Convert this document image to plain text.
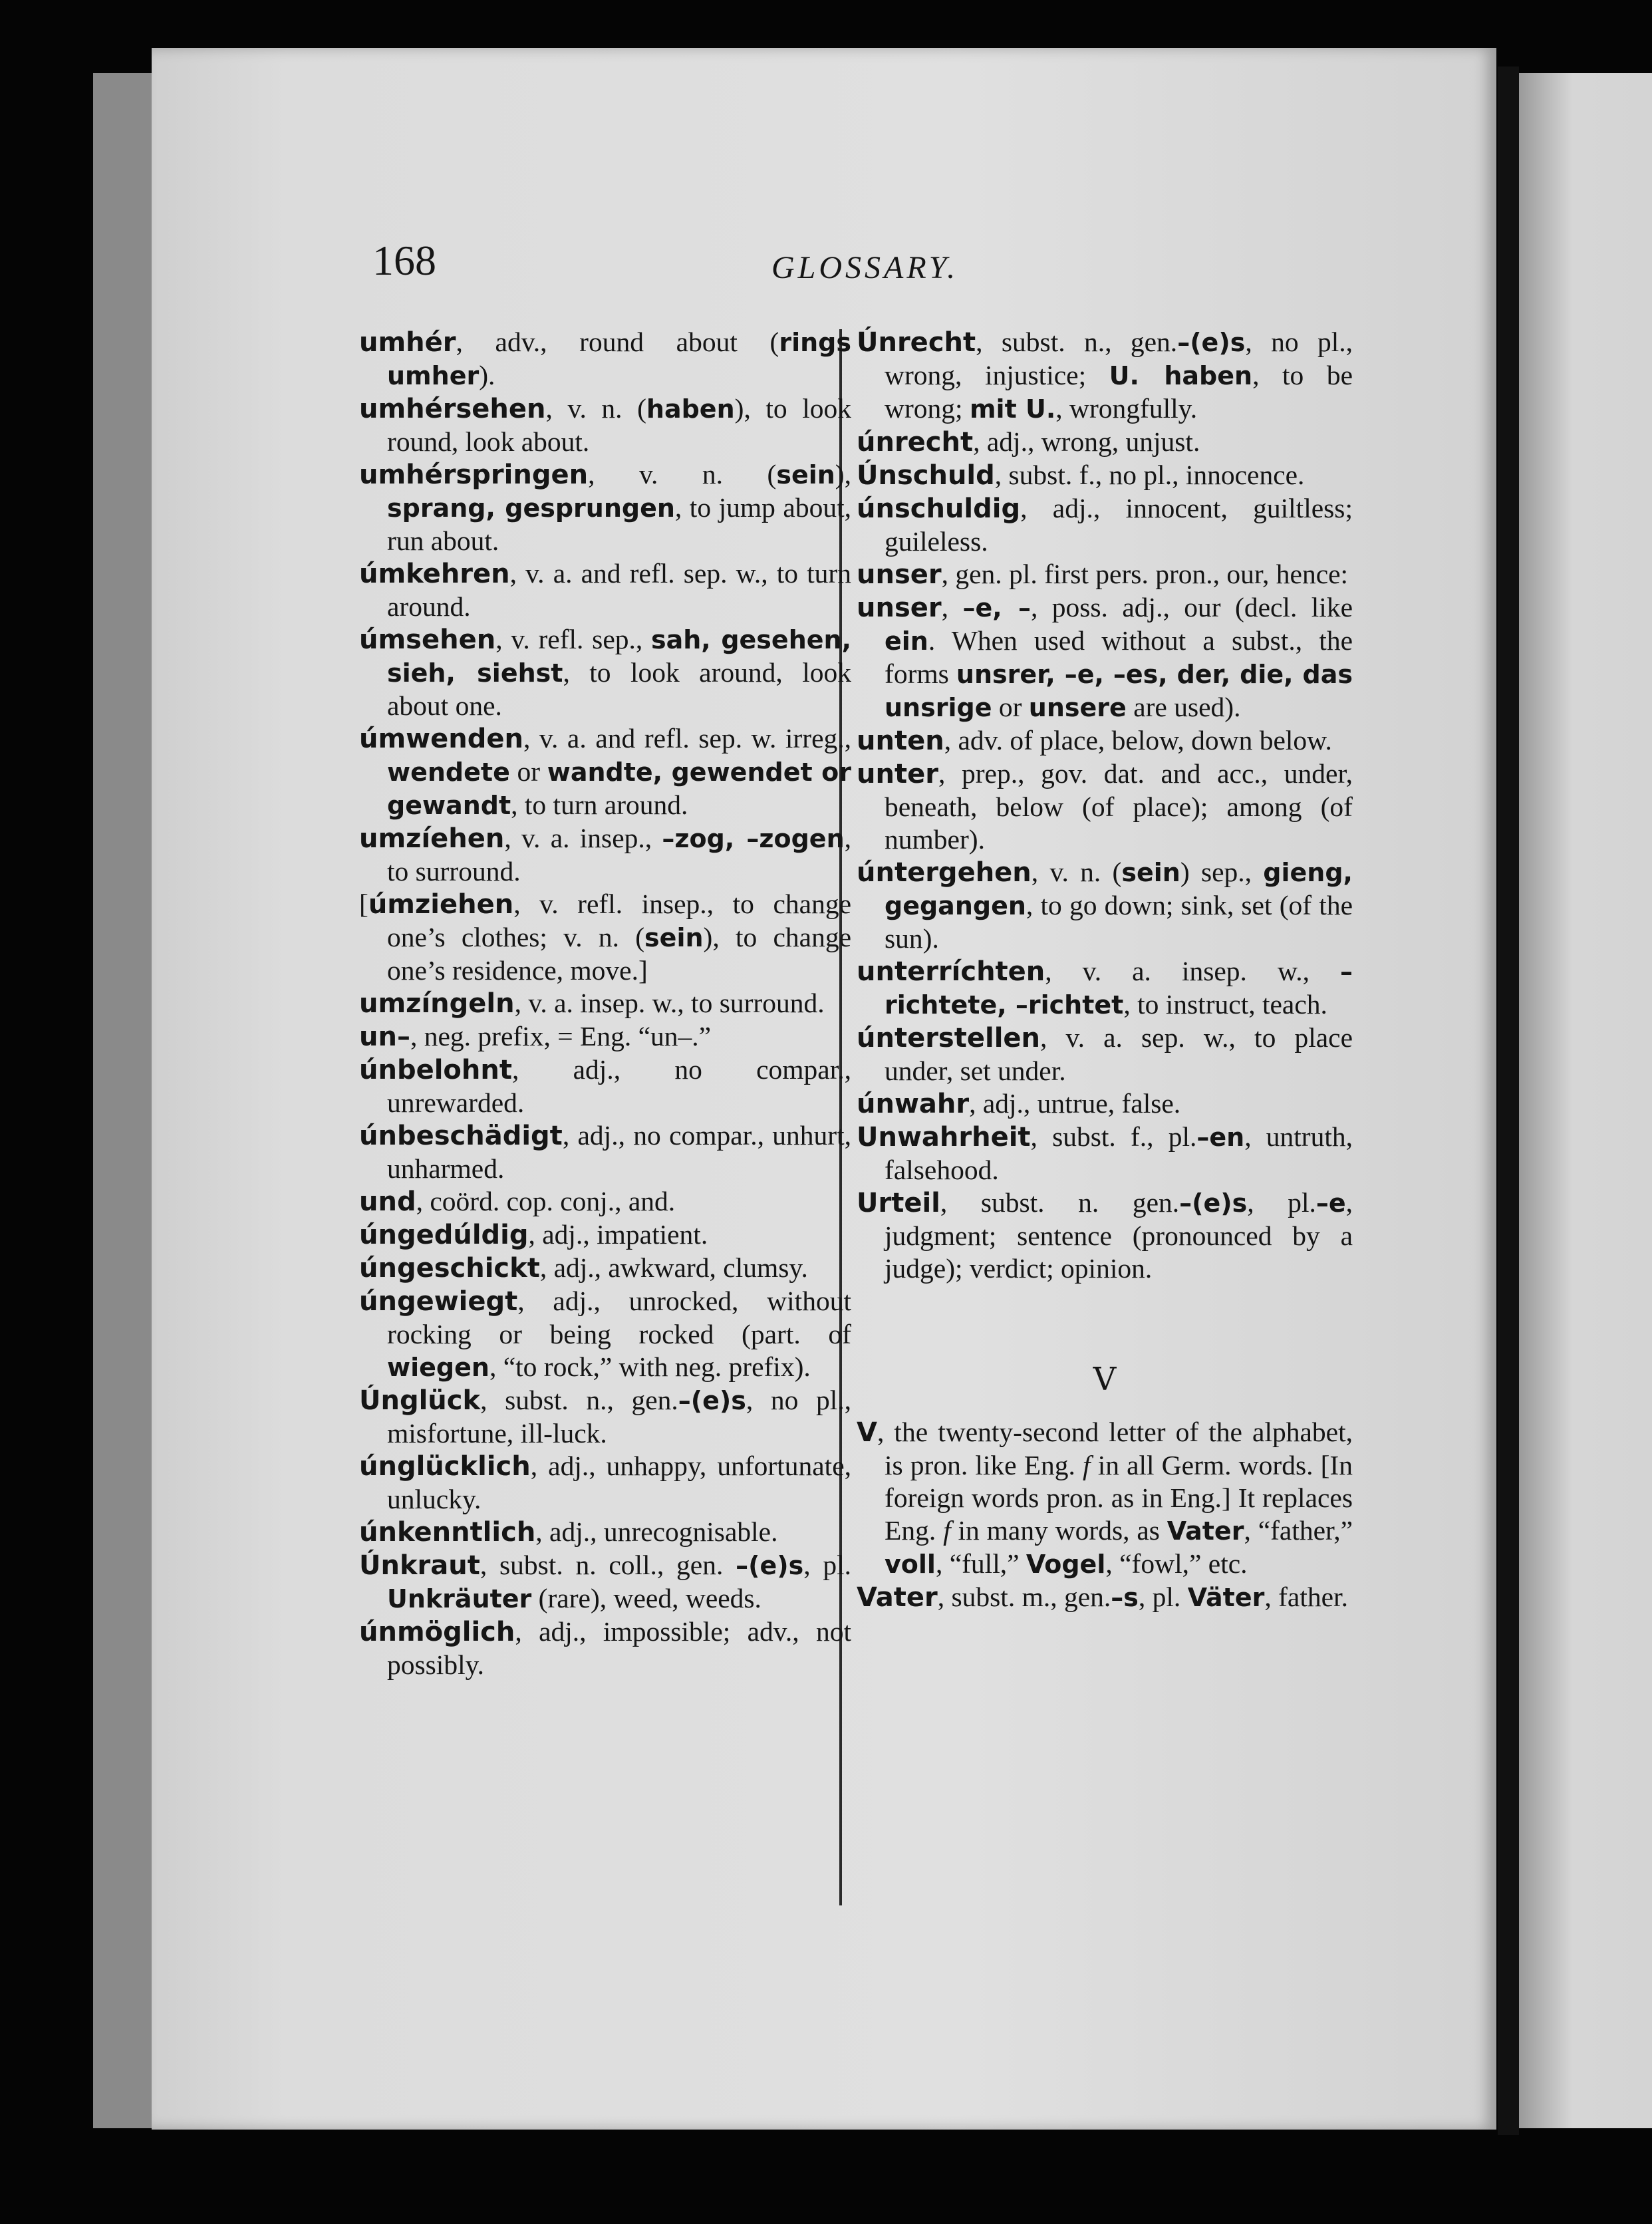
168	GLOSSARY.

umhér, adv., round about (rings umher).

umhérsehen, v. n. (haben), to look round, look about.

umhérspringen, v. n. (sein), sprang, gesprungen, to jump about, run about.

úmkehren, v. a. and refl. sep. w., to turn around.

úmsehen, v. refl. sep., sah, gesehen, sieh, siehst, to look around, look about one.

úmwenden, v. a. and refl. sep. w. irreg., wendete or wandte, gewendet or gewandt, to turn around.

umzíehen, v. a. insep., –zog, –zogen, to surround.

[úmziehen, v. refl. insep., to change one’s clothes; v. n. (sein), to change one’s residence, move.]

umzíngeln, v. a. insep. w., to surround.

un–, neg. prefix, = Eng. “un–.”

únbelohnt, adj., no compar., unrewarded.

únbeschädigt, adj., no compar., unhurt, unharmed.

und, coörd. cop. conj., and.

úngedúldig, adj., impatient.

úngeschickt, adj., awkward, clumsy.

úngewiegt, adj., unrocked, without rocking or being rocked (part. of wiegen, “to rock,” with neg. prefix).

Únglück, subst. n., gen.–(e)s, no pl., misfortune, ill-luck.

únglücklich, adj., unhappy, unfortunate, unlucky.

únkenntlich, adj., unrecognisable.

Únkraut, subst. n. coll., gen. –(e)s, pl. Unkräuter (rare), weed, weeds.

únmöglich, adj., impossible; adv., not possibly.

Únrecht, subst. n., gen.–(e)s, no pl., wrong, injustice; U. haben, to be wrong; mit U., wrongfully.

únrecht, adj., wrong, unjust.

Únschuld, subst. f., no pl., innocence.

únschuldig, adj., innocent, guiltless; guileless.

unser, gen. pl. first pers. pron., our, hence:

unser, –e, –, poss. adj., our (decl. like ein. When used without a subst., the forms unsrer, –e, –es, der, die, das unsrige or unsere are used).

unten, adv. of place, below, down below.

unter, prep., gov. dat. and acc., under, beneath, below (of place); among (of number).

úntergehen, v. n. (sein) sep., gieng, gegangen, to go down; sink, set (of the sun).

unterríchten, v. a. insep. w., –richtete, –richtet, to instruct, teach.

únterstellen, v. a. sep. w., to place under, set under.

únwahr, adj., untrue, false.

Unwahrheit, subst. f., pl.–en, untruth, falsehood.

Urteil, subst. n. gen.–(e)s, pl.–e, judgment; sentence (pronounced by a judge); verdict; opinion.

V

V, the twenty-second letter of the alphabet, is pron. like Eng. f in all Germ. words. [In foreign words pron. as in Eng.] It replaces Eng. f in many words, as Vater, “father,” voll, “full,” Vogel, “fowl,” etc.

Vater, subst. m., gen.–s, pl. Väter, father.
